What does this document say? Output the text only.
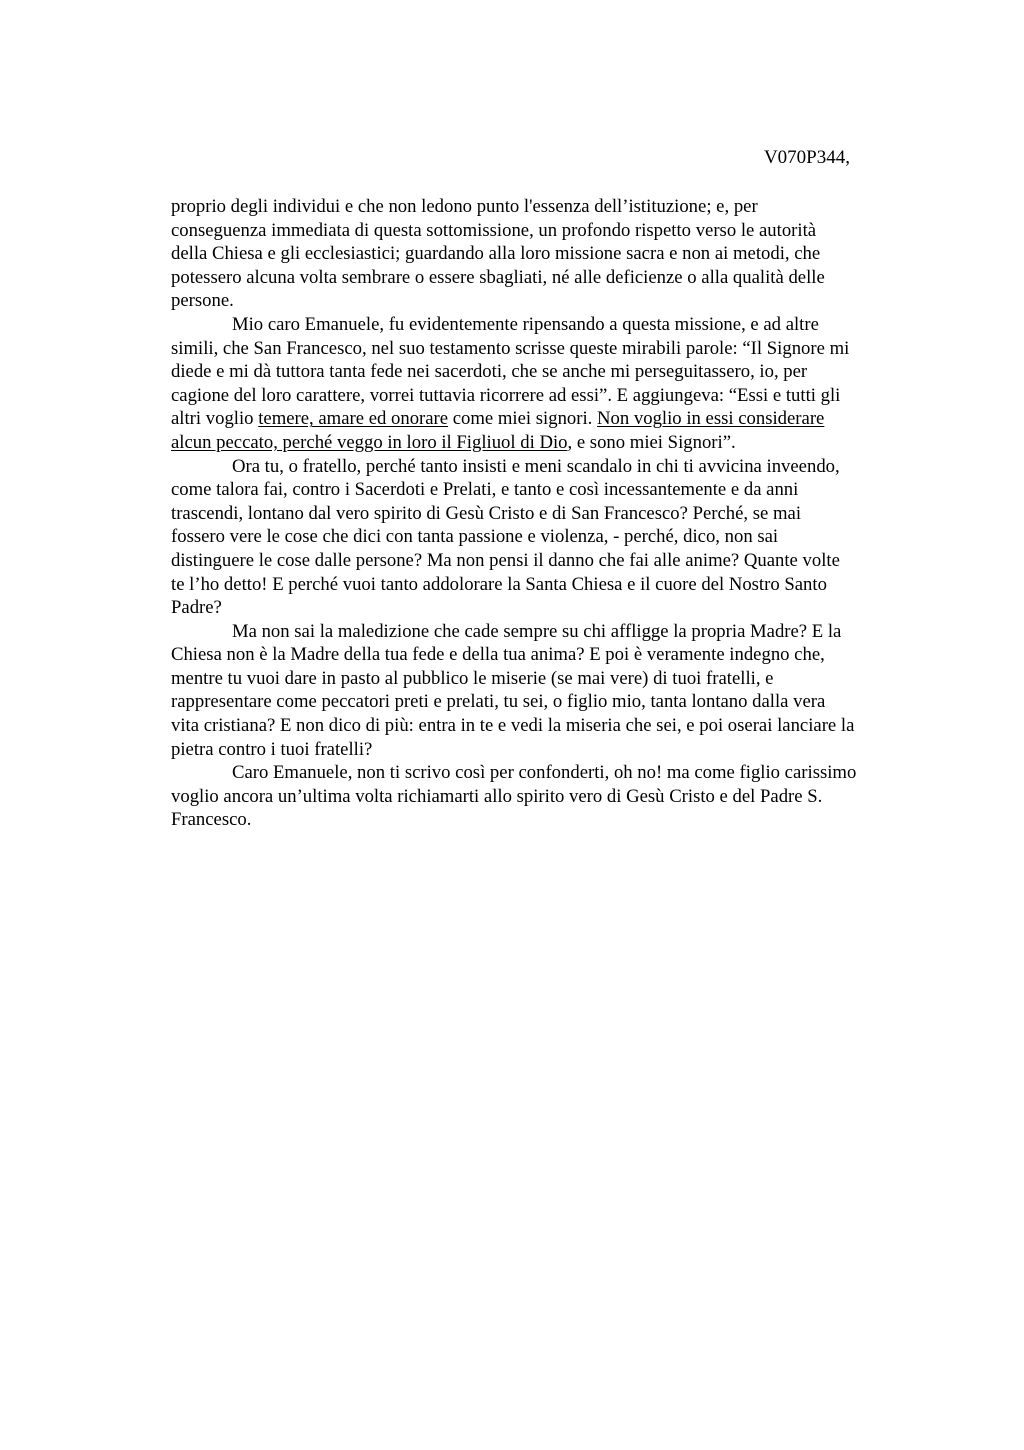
V070P344,
proprio degli individui e che non ledono punto l'essenza dell’istituzione; e, per
conseguenza immediata di questa sottomissione, un profondo rispetto verso le autorità
della Chiesa e gli ecclesiastici; guardando alla loro missione sacra e non ai metodi, che
potessero alcuna volta sembrare o essere sbagliati, né alle deficienze o alla qualità delle
persone.
Mio caro Emanuele, fu evidentemente ripensando a questa missione, e ad altre
simili, che San Francesco, nel suo testamento scrisse queste mirabili parole: “Il Signore mi
diede e mi dà tuttora tanta fede nei sacerdoti, che se anche mi perseguitassero, io, per
cagione del loro carattere, vorrei tuttavia ricorrere ad essi”. E aggiungeva: “Essi e tutti gli
altri voglio temere, amare ed onorare come miei signori. Non voglio in essi considerare
alcun peccato, perché veggo in loro il Figliuol di Dio, e sono miei Signori”.
Ora tu, o fratello, perché tanto insisti e meni scandalo in chi ti avvicina inveendo,
come talora fai, contro i Sacerdoti e Prelati, e tanto e così incessantemente e da anni
trascendi, lontano dal vero spirito di Gesù Cristo e di San Francesco? Perché, se mai
fossero vere le cose che dici con tanta passione e violenza, - perché, dico, non sai
distinguere le cose dalle persone? Ma non pensi il danno che fai alle anime? Quante volte
te l’ho detto! E perché vuoi tanto addolorare la Santa Chiesa e il cuore del Nostro Santo
Padre?
Ma non sai la maledizione che cade sempre su chi affligge la propria Madre? E la
Chiesa non è la Madre della tua fede e della tua anima? E poi è veramente indegno che,
mentre tu vuoi dare in pasto al pubblico le miserie (se mai vere) di tuoi fratelli, e
rappresentare come peccatori preti e prelati, tu sei, o figlio mio, tanta lontano dalla vera
vita cristiana? E non dico di più: entra in te e vedi la miseria che sei, e poi oserai lanciare la
pietra contro i tuoi fratelli?
Caro Emanuele, non ti scrivo così per confonderti, oh no! ma come figlio carissimo
voglio ancora un’ultima volta richiamarti allo spirito vero di Gesù Cristo e del Padre S.
Francesco.
